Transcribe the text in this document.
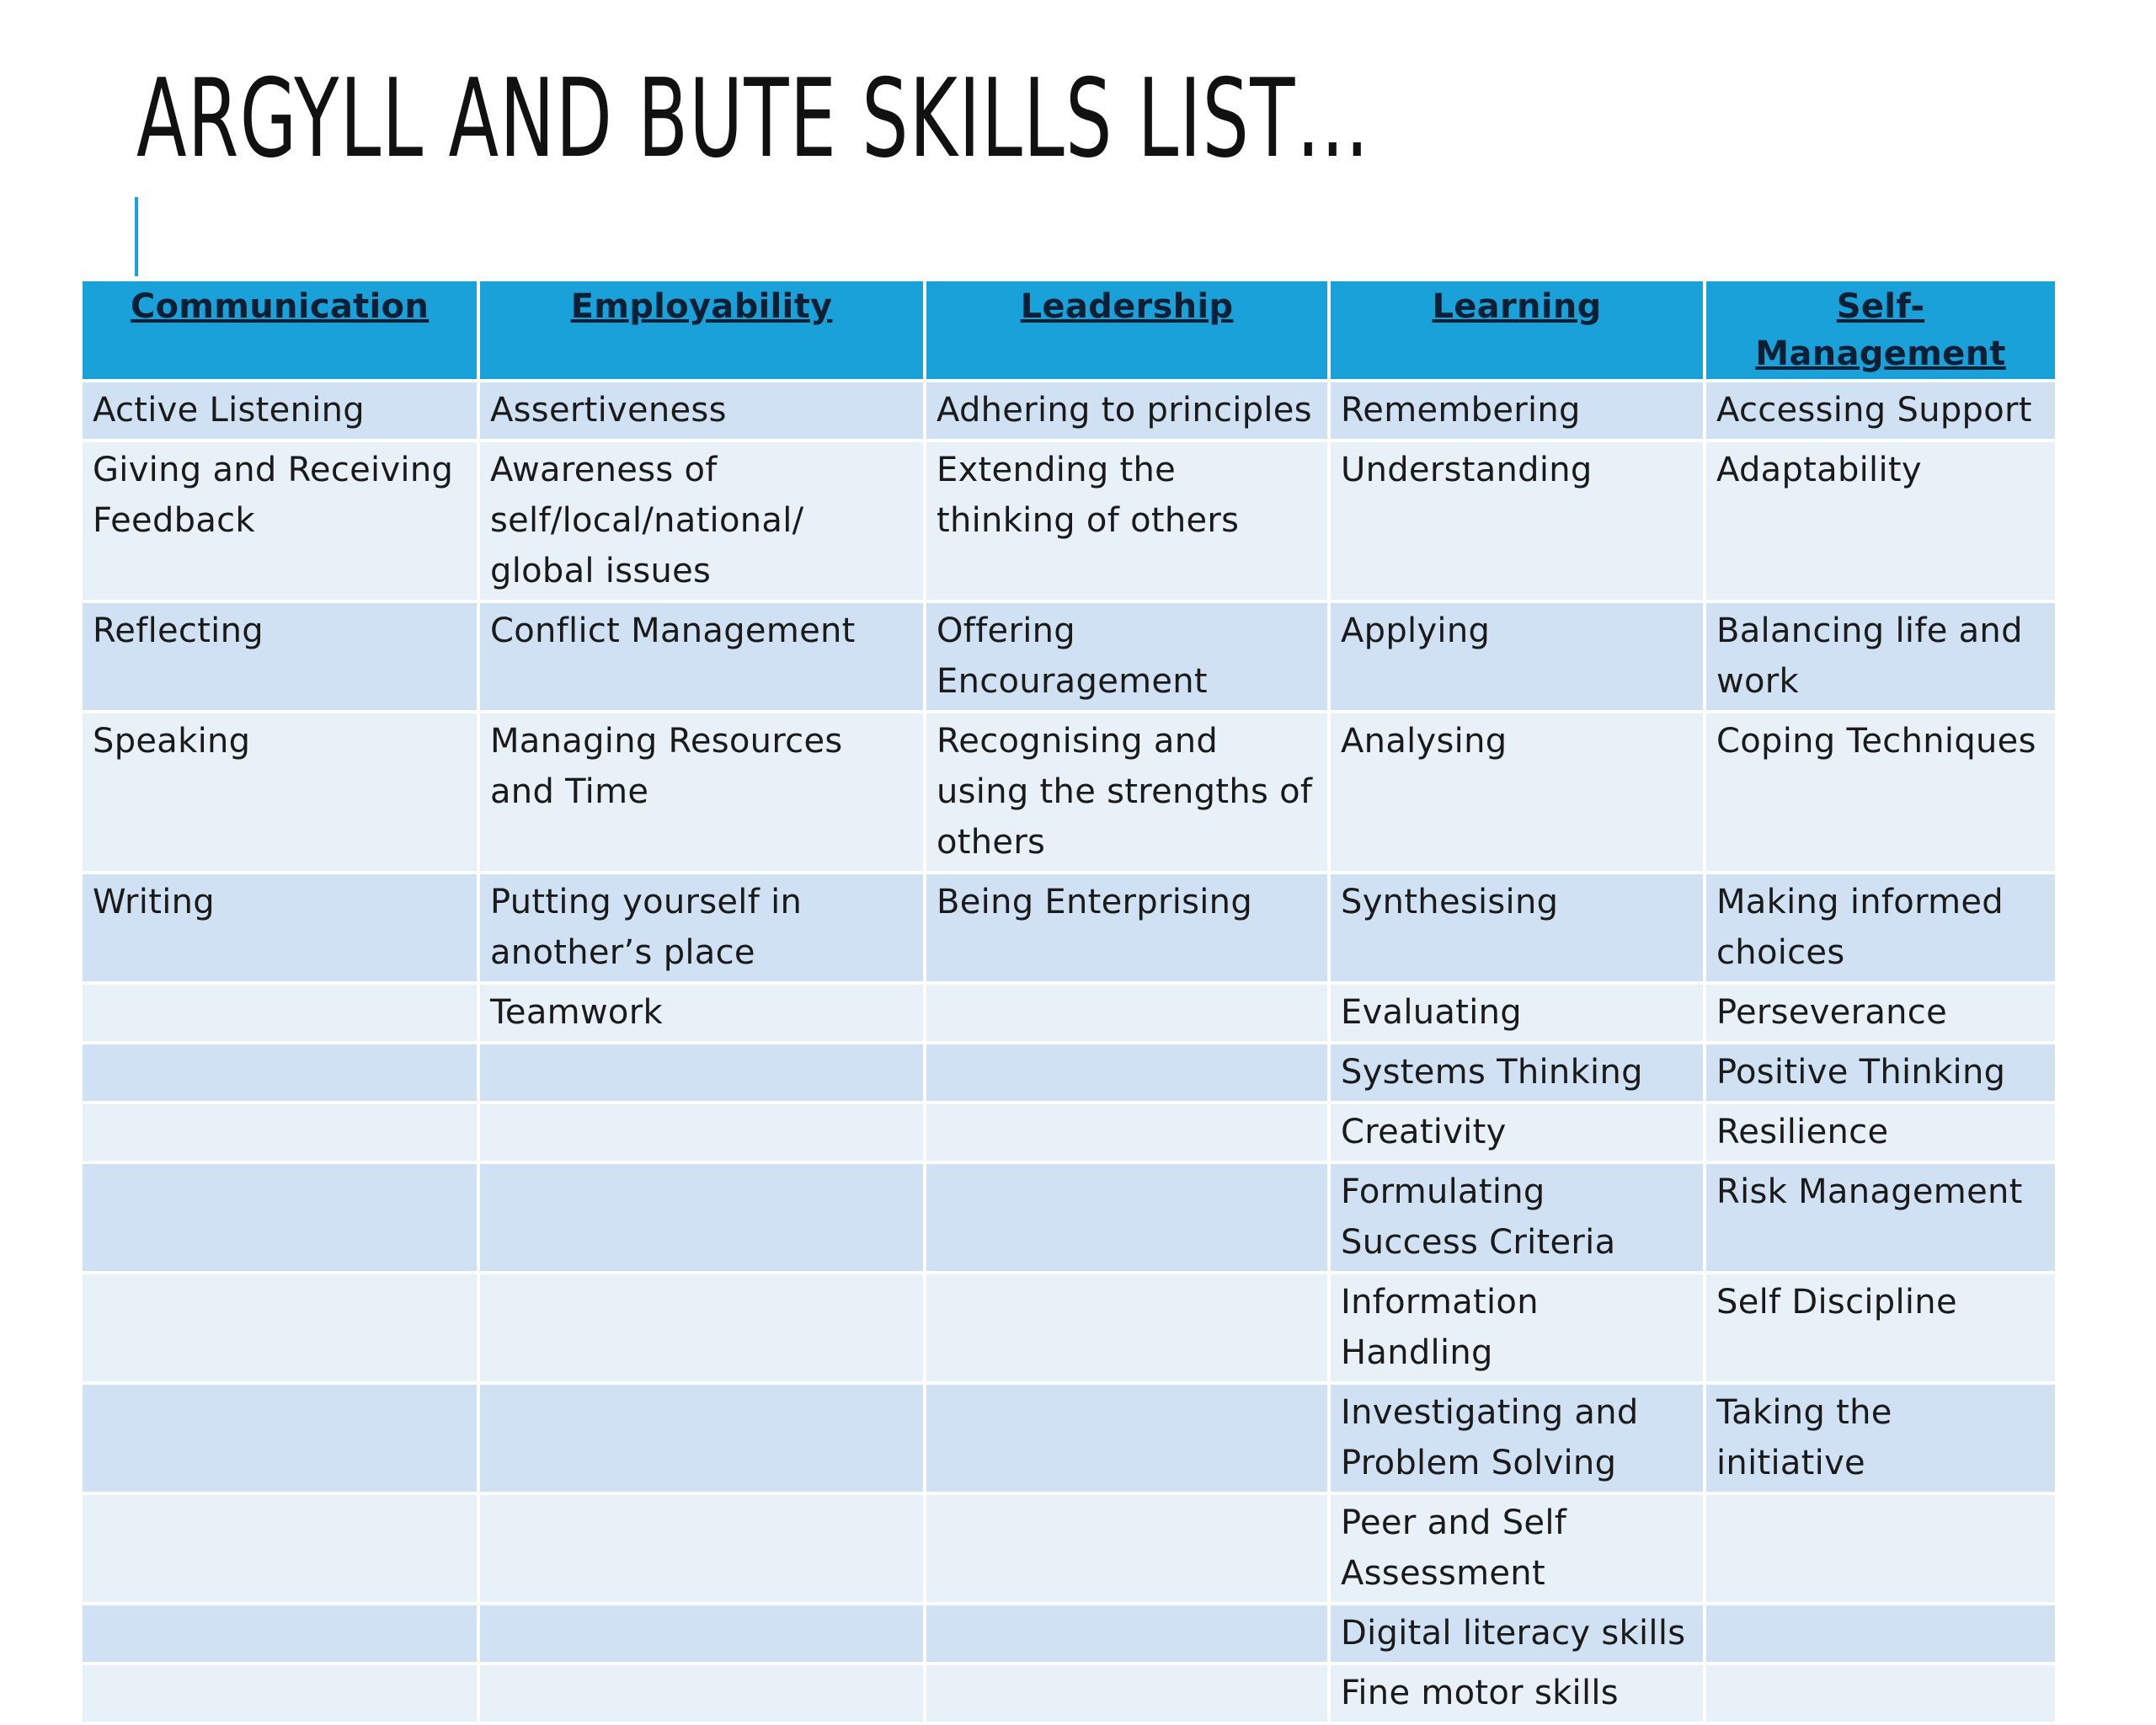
ARGYLL AND BUTE SKILLS LIST…
Communication	Employability	Leadership	Learning	Self-Management
Active Listening	Assertiveness	Adhering to principles	Remembering	Accessing Support
Giving and Receiving Feedback	Awareness of self/local/national/ global issues	Extending the thinking of others	Understanding	Adaptability
Reflecting	Conflict Management	Offering Encouragement	Applying	Balancing life and work
Speaking	Managing Resources and Time	Recognising and using the strengths of others	Analysing	Coping Techniques
Writing	Putting yourself in another’s place	Being Enterprising	Synthesising	Making informed choices
	Teamwork		Evaluating	Perseverance
			Systems Thinking	Positive Thinking
			Creativity	Resilience
			Formulating Success Criteria	Risk Management
			Information Handling	Self Discipline
			Investigating and Problem Solving	Taking the initiative
			Peer and Self Assessment	
			Digital literacy skills	
			Fine motor skills	
